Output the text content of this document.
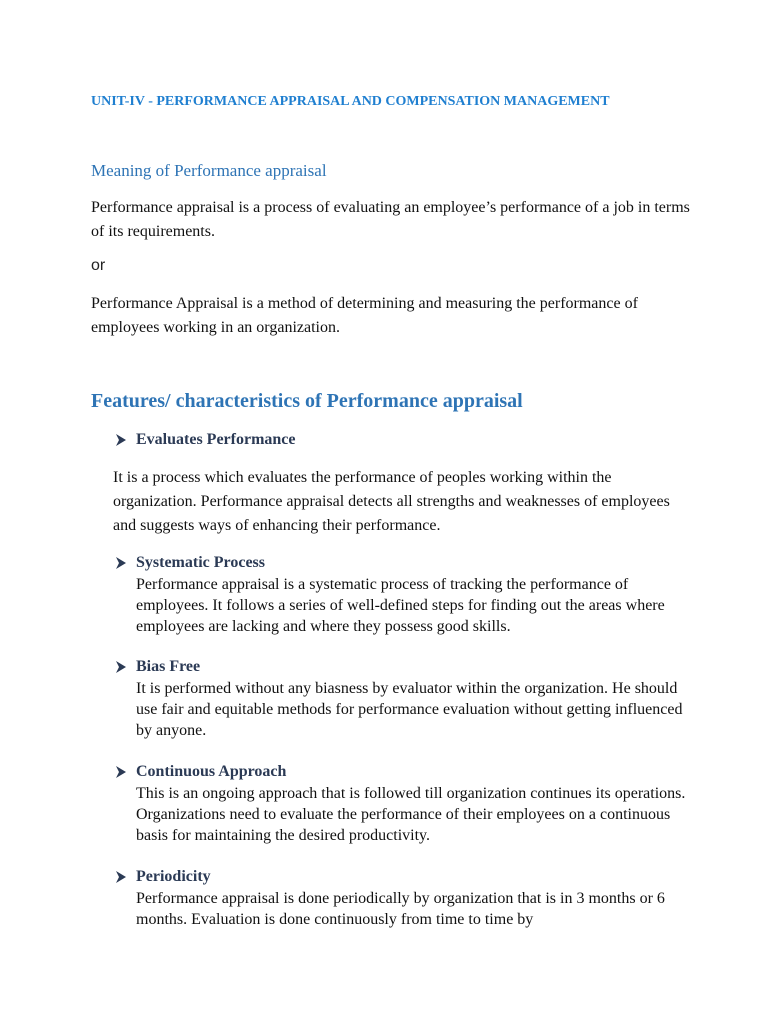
UNIT-IV - PERFORMANCE APPRAISAL AND COMPENSATION MANAGEMENT
Meaning of Performance appraisal
Performance appraisal is a process of evaluating an employee’s performance of a job in terms of its requirements.
or
Performance Appraisal is a method of determining and measuring the performance of employees working in an organization.
Features/ characteristics of Performance appraisal
Evaluates Performance
It is a process which evaluates the performance of peoples working within the organization. Performance appraisal detects all strengths and weaknesses of employees and suggests ways of enhancing their performance.
Systematic Process
Performance appraisal is a systematic process of tracking the performance of employees. It follows a series of well-defined steps for finding out the areas where employees are lacking and where they possess good skills.
Bias Free
It is performed without any biasness by evaluator within the organization. He should use fair and equitable methods for performance evaluation without getting influenced by anyone.
Continuous Approach
This is an ongoing approach that is followed till organization continues its operations. Organizations need to evaluate the performance of their employees on a continuous basis for maintaining the desired productivity.
Periodicity
Performance appraisal is done periodically by organization that is in 3 months or 6 months. Evaluation is done continuously from time to time by
